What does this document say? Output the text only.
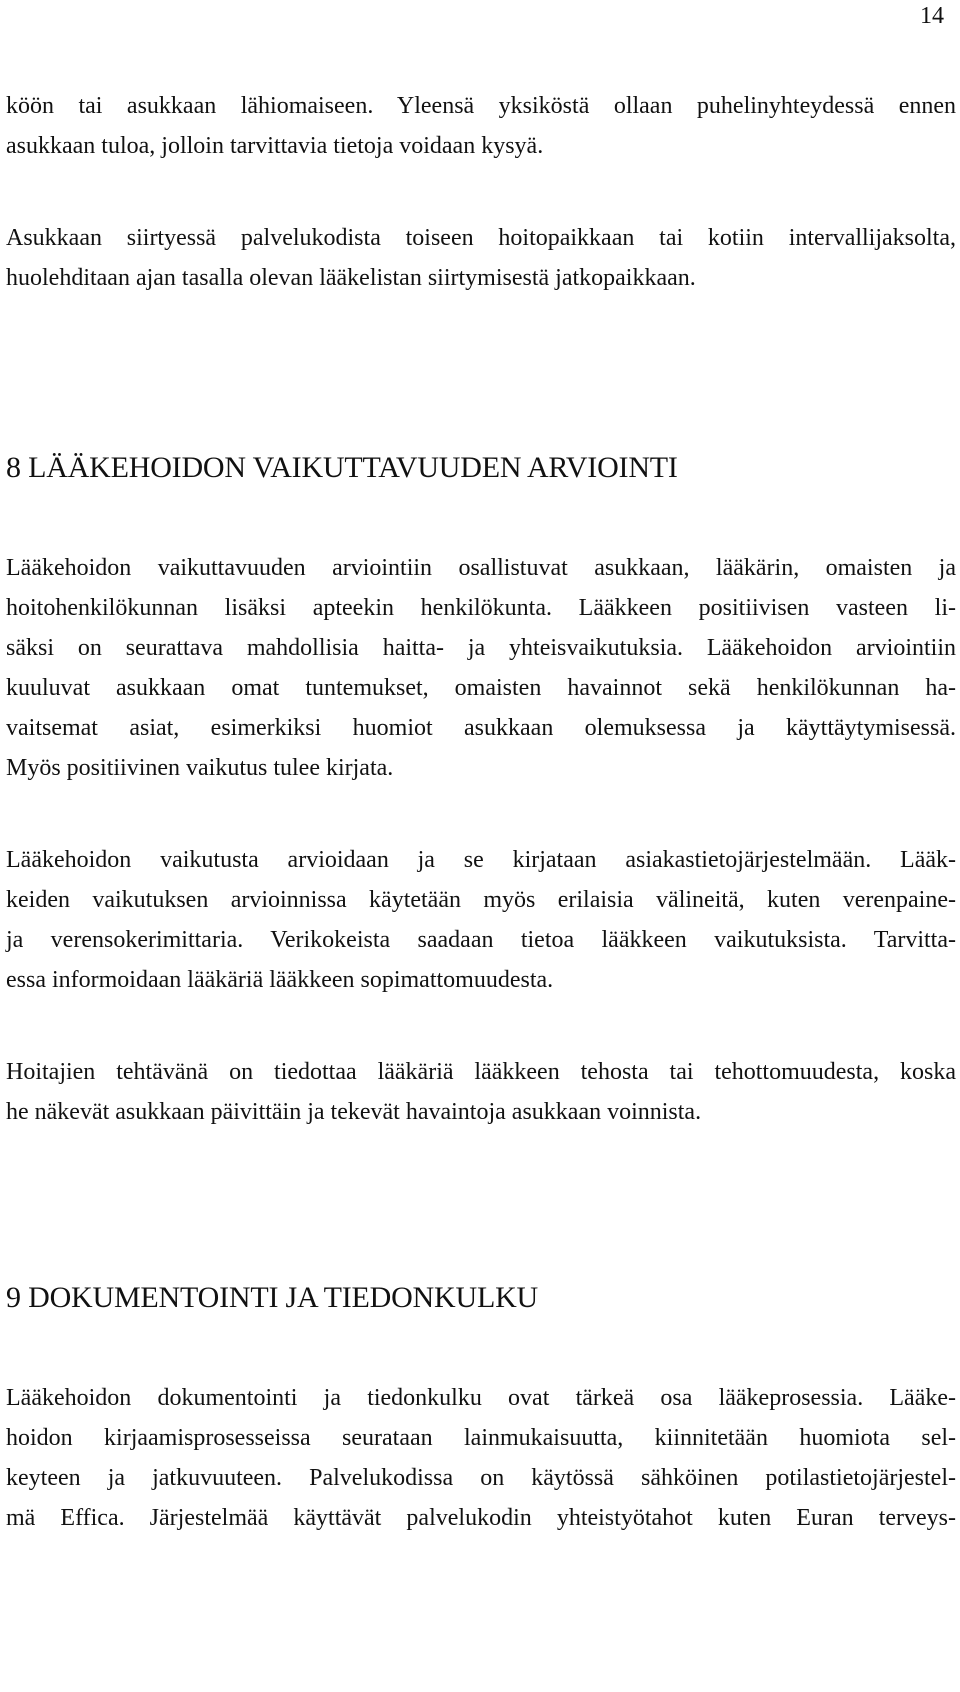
14

köön tai asukkaan lähiomaiseen. Yleensä yksiköstä ollaan puhelinyhteydessä ennen
asukkaan tuloa, jolloin tarvittavia tietoja voidaan kysyä.

Asukkaan siirtyessä palvelukodista toiseen hoitopaikkaan tai kotiin intervallijaksolta,
huolehditaan ajan tasalla olevan lääkelistan siirtymisestä jatkopaikkaan.

8 LÄÄKEHOIDON VAIKUTTAVUUDEN ARVIOINTI

Lääkehoidon vaikuttavuuden arviointiin osallistuvat asukkaan, lääkärin, omaisten ja
hoitohenkilökunnan lisäksi apteekin henkilökunta. Lääkkeen positiivisen vasteen li-
säksi on seurattava mahdollisia haitta- ja yhteisvaikutuksia. Lääkehoidon arviointiin
kuuluvat asukkaan omat tuntemukset, omaisten havainnot sekä henkilökunnan ha-
vaitsemat asiat, esimerkiksi huomiot asukkaan olemuksessa ja käyttäytymisessä.
Myös positiivinen vaikutus tulee kirjata.

Lääkehoidon vaikutusta arvioidaan ja se kirjataan asiakastietojärjestelmään. Lääk-
keiden vaikutuksen arvioinnissa käytetään myös erilaisia välineitä, kuten verenpaine-
ja verensokerimittaria. Verikokeista saadaan tietoa lääkkeen vaikutuksista. Tarvitta-
essa informoidaan lääkäriä lääkkeen sopimattomuudesta.

Hoitajien tehtävänä on tiedottaa lääkäriä lääkkeen tehosta tai tehottomuudesta, koska
he näkevät asukkaan päivittäin ja tekevät havaintoja asukkaan voinnista.

9 DOKUMENTOINTI JA TIEDONKULKU

Lääkehoidon dokumentointi ja tiedonkulku ovat tärkeä osa lääkeprosessia. Lääke-
hoidon kirjaamisprosesseissa seurataan lainmukaisuutta, kiinnitetään huomiota sel-
keyteen ja jatkuvuuteen. Palvelukodissa on käytössä sähköinen potilastietojärjestel-
mä Effica. Järjestelmää käyttävät palvelukodin yhteistyötahot kuten Euran terveys-
